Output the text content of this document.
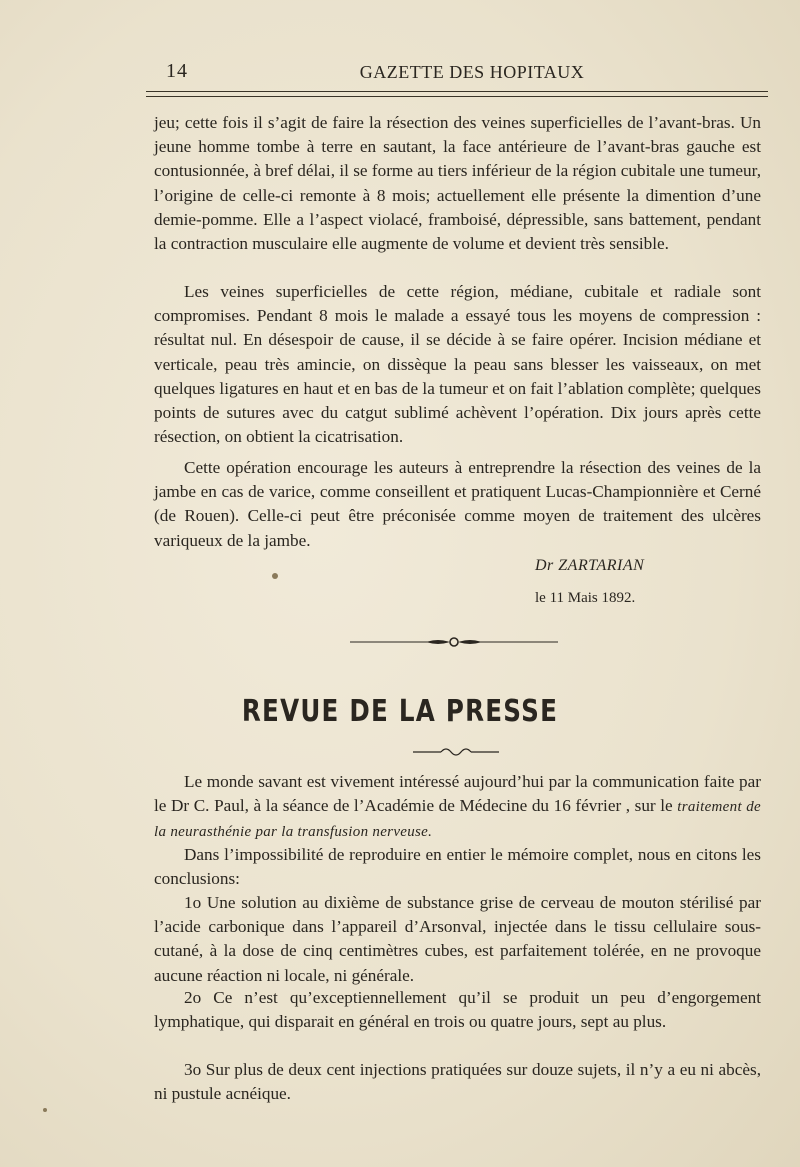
14	GAZETTE DES HOPITAUX

jeu; cette fois il s’agit de faire la résection des veines superficielles de l’avant-bras. Un jeune homme tombe à terre en sautant, la face antérieure de l’avant-bras gauche est contusionnée, à bref délai, il se forme au tiers inférieur de la région cubitale une tumeur, l’origine de celle-ci remonte à 8 mois; actuellement elle présente la dimention d’une demie-pomme. Elle a l’aspect violacé, framboisé, dépressible, sans battement, pendant la contraction musculaire elle augmente de volume et devient très sensible.

Les veines superficielles de cette région, médiane, cubitale et radiale sont compromises. Pendant 8 mois le malade a essayé tous les moyens de compression : résultat nul. En désespoir de cause, il se décide à se faire opérer. Incision médiane et verticale, peau très amincie, on dissèque la peau sans blesser les vaisseaux, on met quelques ligatures en haut et en bas de la tumeur et on fait l’ablation complète; quelques points de sutures avec du catgut sublimé achèvent l’opération. Dix jours après cette résection, on obtient la cicatrisation.

Cette opération encourage les auteurs à entreprendre la résection des veines de la jambe en cas de varice, comme conseillent et pratiquent Lucas-Championnière et Cerné (de Rouen). Celle-ci peut être préconisée comme moyen de traitement des ulcères variqueux de la jambe.

Dr ZARTARIAN
le 11 Mais 1892.
REVUE DE LA PRESSE

Le monde savant est vivement intéressé aujourd’hui par la communication faite par le Dr C. Paul, à la séance de l’Académie de Médecine du 16 février , sur le traitement de la neurasthénie par la transfusion nerveuse.

Dans l’impossibilité de reproduire en entier le mémoire complet, nous en citons les conclusions:

1o Une solution au dixième de substance grise de cerveau de mouton stérilisé par l’acide carbonique dans l’appareil d’Arsonval, injectée dans le tissu cellulaire sous-cutané, à la dose de cinq centimètres cubes, est parfaitement tolérée, en ne provoque aucune réaction ni locale, ni générale.

2o Ce n’est qu’exceptiennellement qu’il se produit un peu d’engorgement lymphatique, qui disparait en général en trois ou quatre jours, sept au plus.

3o Sur plus de deux cent injections pratiquées sur douze sujets, il n’y a eu ni abcès, ni pustule acnéique.
